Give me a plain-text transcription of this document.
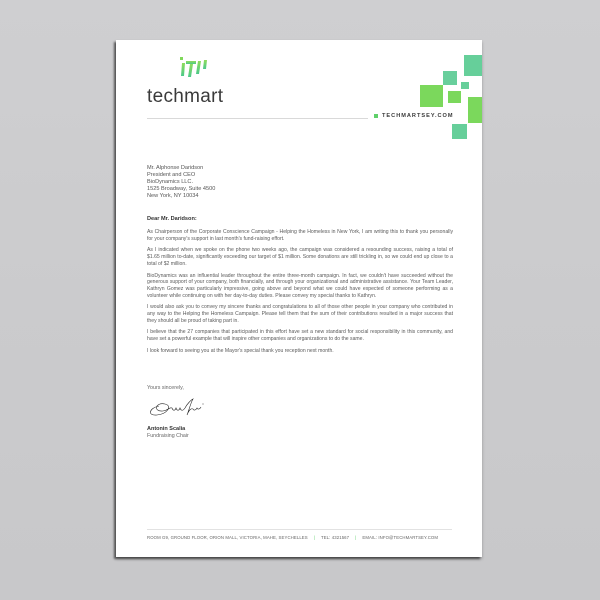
techmart
TECHMARTSEY.COM
Mr. Alphonse Daridson
President and CEO
BioDynamics LLC.
1525 Broadway, Suite 4500
New York, NY 10034
Dear Mr. Daridson:

As Chairperson of the Corporate Conscience Campaign - Helping the Homeless in New York, I am writing this to thank you personally for your company's support in last month's fund-raising effort.

As I indicated when we spoke on the phone two weeks ago, the campaign was considered a resounding success, raising a total of $1.65 million to-date, significantly exceeding our target of $1 million. Some donations are still trickling in, so we could end up close to a total of $2 million.

BioDynamics was an influential leader throughout the entire three-month campaign. In fact, we couldn't have succeeded without the generous support of your company, both financially, and through your organizational and administrative assistance. Your Team Leader, Kathryn Gomez was particularly impressive, going above and beyond what we could have expected of someone performing as a volunteer while continuing on with her day-to-day duties. Please convey my special thanks to Kathryn.

I would also ask you to convey my sincere thanks and congratulations to all of those other people in your company who contributed in any way to the Helping the Homeless Campaign. Please tell them that the sum of their contributions resulted in a major success that they should all be proud of taking part in.

I believe that the 27 companies that participated in this effort have set a new standard for social responsibility in this community, and have set a powerful example that will inspire other companies and organizations to do the same.

I look forward to seeing you at the Mayor's special thank you reception next month.

Yours sincerely,
Antonin Scalia
Fundraising Chair
ROOM G9, GROUND FLOOR, ORION MALL, VICTORIA, MAHE, SEYCHELLES | TEL: 4321567 | EMAIL: INFO@TECHMARTSEY.COM
